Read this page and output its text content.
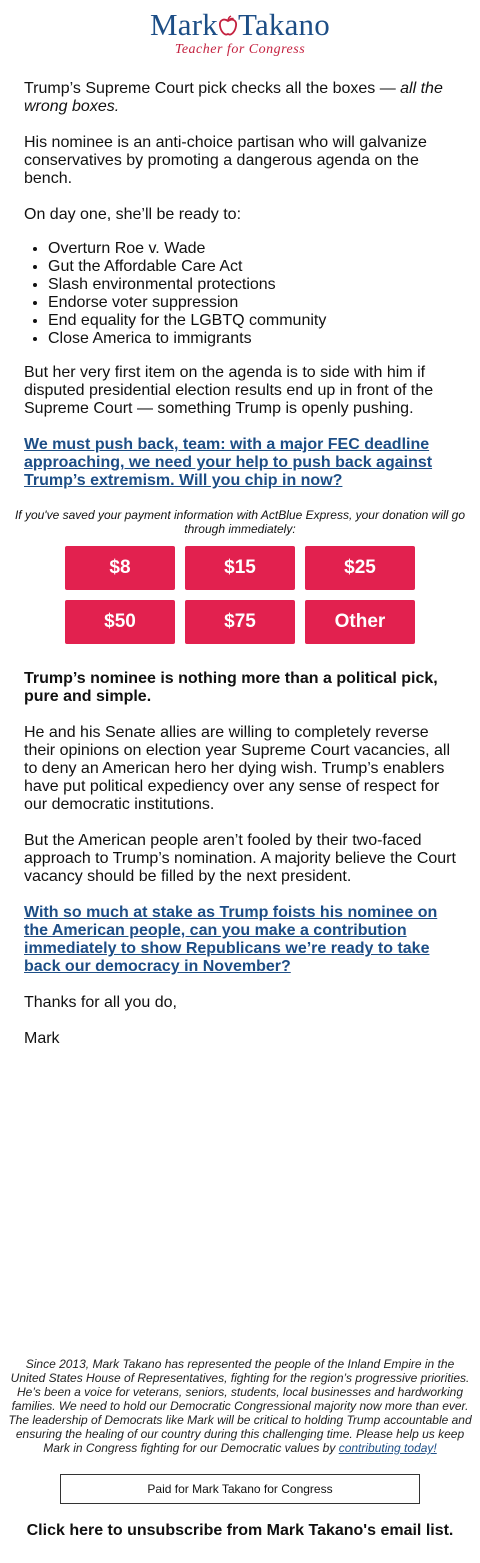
Mark Takano
Teacher for Congress

Trump’s Supreme Court pick checks all the boxes — all the wrong boxes.

His nominee is an anti-choice partisan who will galvanize conservatives by promoting a dangerous agenda on the bench.

On day one, she’ll be ready to:

• Overturn Roe v. Wade
• Gut the Affordable Care Act
• Slash environmental protections
• Endorse voter suppression
• End equality for the LGBTQ community
• Close America to immigrants

But her very first item on the agenda is to side with him if disputed presidential election results end up in front of the Supreme Court — something Trump is openly pushing.

We must push back, team: with a major FEC deadline approaching, we need your help to push back against Trump’s extremism. Will you chip in now?

If you've saved your payment information with ActBlue Express, your donation will go through immediately:
$8	$15	$25
$50	$75	Other

Trump’s nominee is nothing more than a political pick, pure and simple.

He and his Senate allies are willing to completely reverse their opinions on election year Supreme Court vacancies, all to deny an American hero her dying wish. Trump’s enablers have put political expediency over any sense of respect for our democratic institutions.

But the American people aren’t fooled by their two-faced approach to Trump’s nomination. A majority believe the Court vacancy should be filled by the next president.

With so much at stake as Trump foists his nominee on the American people, can you make a contribution immediately to show Republicans we’re ready to take back our democracy in November?

Thanks for all you do,

Mark

Since 2013, Mark Takano has represented the people of the Inland Empire in the United States House of Representatives, fighting for the region’s progressive priorities. He’s been a voice for veterans, seniors, students, local businesses and hardworking families. We need to hold our Democratic Congressional majority now more than ever. The leadership of Democrats like Mark will be critical to holding Trump accountable and ensuring the healing of our country during this challenging time. Please help us keep Mark in Congress fighting for our Democratic values by contributing today!
Paid for Mark Takano for Congress
Click here to unsubscribe from Mark Takano's email list.
